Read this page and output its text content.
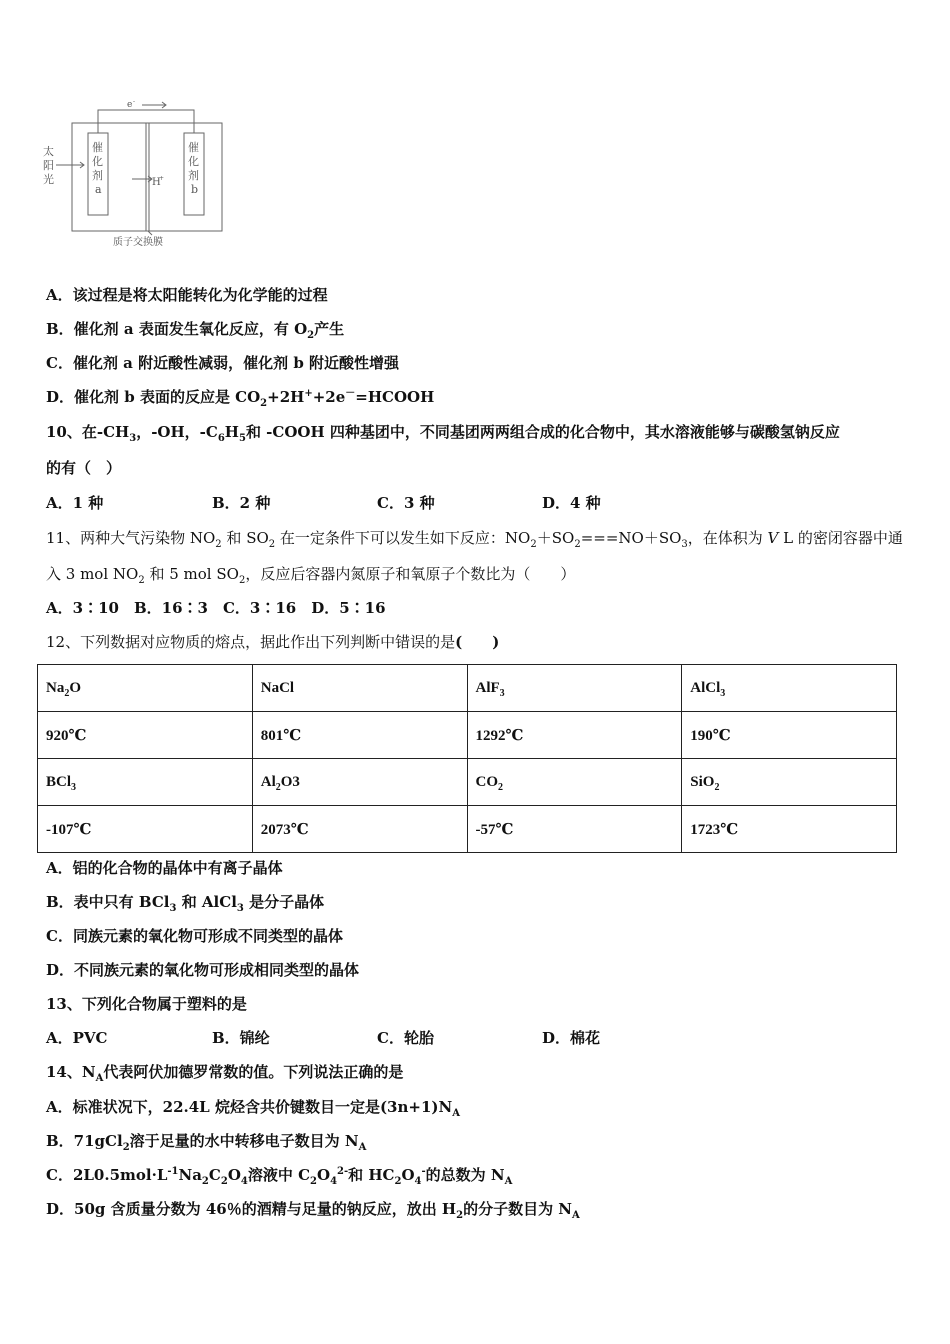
e -
太
阳
光
催
化
剂
a
催
化
剂
b
H
+
质子交换膜
A．该过程是将太阳能转化为化学能的过程
B．催化剂 a 表面发生氧化反应，有 $O_2$产生
C．催化剂 a 附近酸性减弱，催化剂 b 附近酸性增强
D．催化剂 b 表面的反应是 $CO_2+2H^++2e^-=HCOOH$
10、在$-CH_3$，-OH，$-C_6H_5$和 -COOH 四种基团中，不同基团两两组合成的化合物中，其水溶液能够与碳酸氢钠反应
的有（　）
A．1 种	B．2 种	C．3 种	D．4 种
11、两种大气污染物 $NO_2$ 和 $SO_2$ 在一定条件下可以发生如下反应：$NO_2+SO_2===NO+SO_3$，在体积为 V L 的密闭容器中通
入 3 mol $NO_2$ 和 5 mol $SO_2$，反应后容器内氮原子和氧原子个数比为（　　）
A．3∶10　B．16∶3　C．3∶16　D．5∶16
12、下列数据对应物质的熔点，据此作出下列判断中错误的是(　　)
$Na_2O$	NaCl	AlF$_3$	AlCl$_3$
920℃	801℃	1292℃	190℃
BCl$_3$	$Al_2O3$	$CO_2$	SiO$_2$
-107℃	2073℃	-57℃	1723℃
A．铝的化合物的晶体中有离子晶体
B．表中只有 BCl$_3$ 和 AlCl$_3$ 是分子晶体
C．同族元素的氧化物可形成不同类型的晶体
D．不同族元素的氧化物可形成相同类型的晶体
13、下列化合物属于塑料的是
A．PVC	B．锦纶	C．轮胎	D．棉花
14、$N_A$代表阿伏加德罗常数的值。下列说法正确的是
A．标准状况下，22.4L 烷烃含共价键数目一定是$(3n+1)N_A$
B．71gCl$_2$溶于足量的水中转移电子数目为 $N_A$
C．$2L0.5mol\cdot L^{-1}Na_2C_2O_4$溶液中 $C_2O_4^{2-}$和 $HC_2O_4^-$的总数为 $N_A$
D．50g 含质量分数为 46％的酒精与足量的钠反应，放出 $H_2$的分子数目为 $N_A$
